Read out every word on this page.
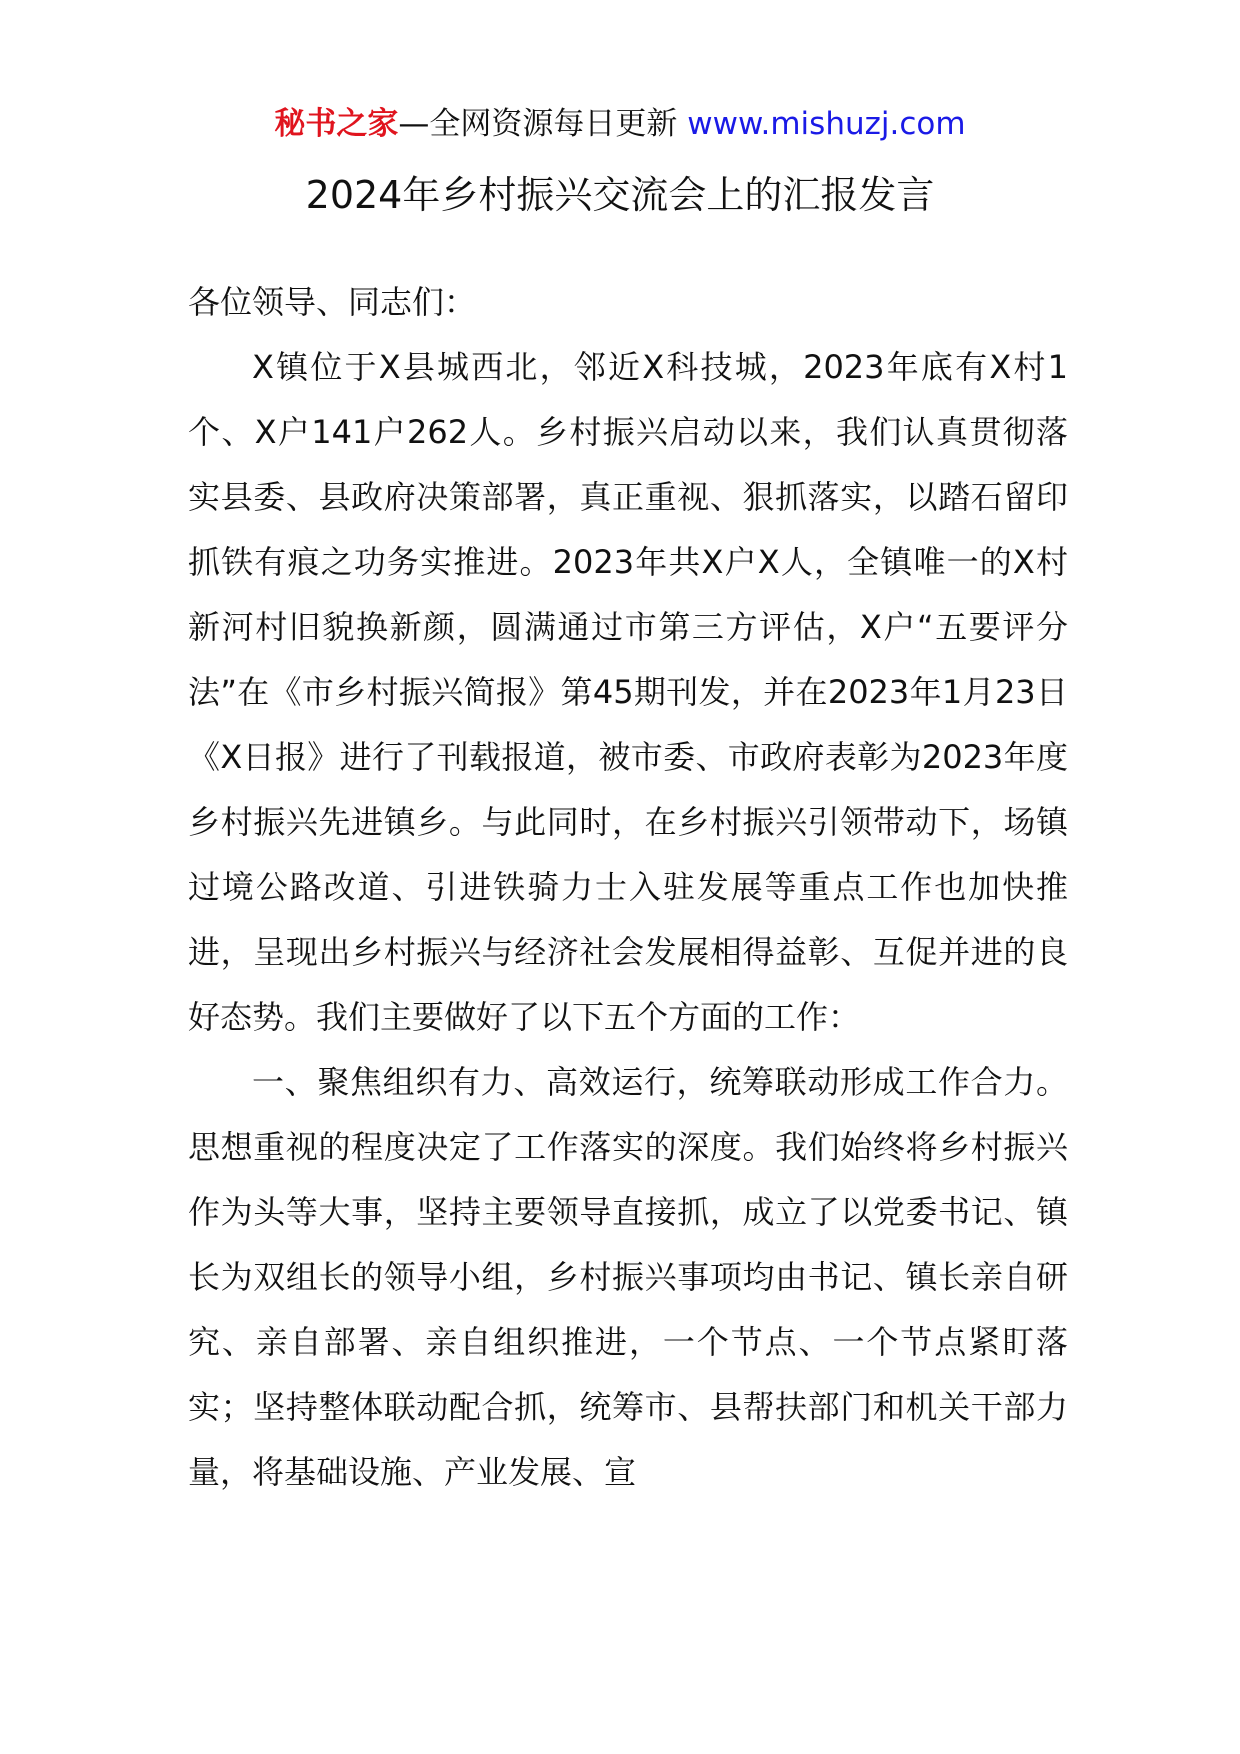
秘书之家—全网资源每日更新 www.mishuzj.com
2024年乡村振兴交流会上的汇报发言

各位领导、同志们：

X镇位于X县城西北，邻近X科技城，2023年底有X村1个、X户141户262人。乡村振兴启动以来，我们认真贯彻落实县委、县政府决策部署，真正重视、狠抓落实，以踏石留印抓铁有痕之功务实推进。2023年共X户X人，全镇唯一的X村新河村旧貌换新颜，圆满通过市第三方评估，X户“五要评分法”在《市乡村振兴简报》第45期刊发，并在2023年1月23日《X日报》进行了刊载报道，被市委、市政府表彰为2023年度乡村振兴先进镇乡。与此同时，在乡村振兴引领带动下，场镇过境公路改道、引进铁骑力士入驻发展等重点工作也加快推进，呈现出乡村振兴与经济社会发展相得益彰、互促并进的良好态势。我们主要做好了以下五个方面的工作：

一、聚焦组织有力、高效运行，统筹联动形成工作合力。思想重视的程度决定了工作落实的深度。我们始终将乡村振兴作为头等大事，坚持主要领导直接抓，成立了以党委书记、镇长为双组长的领导小组，乡村振兴事项均由书记、镇长亲自研究、亲自部署、亲自组织推进，一个节点、一个节点紧盯落实；坚持整体联动配合抓，统筹市、县帮扶部门和机关干部力量，将基础设施、产业发展、宣
